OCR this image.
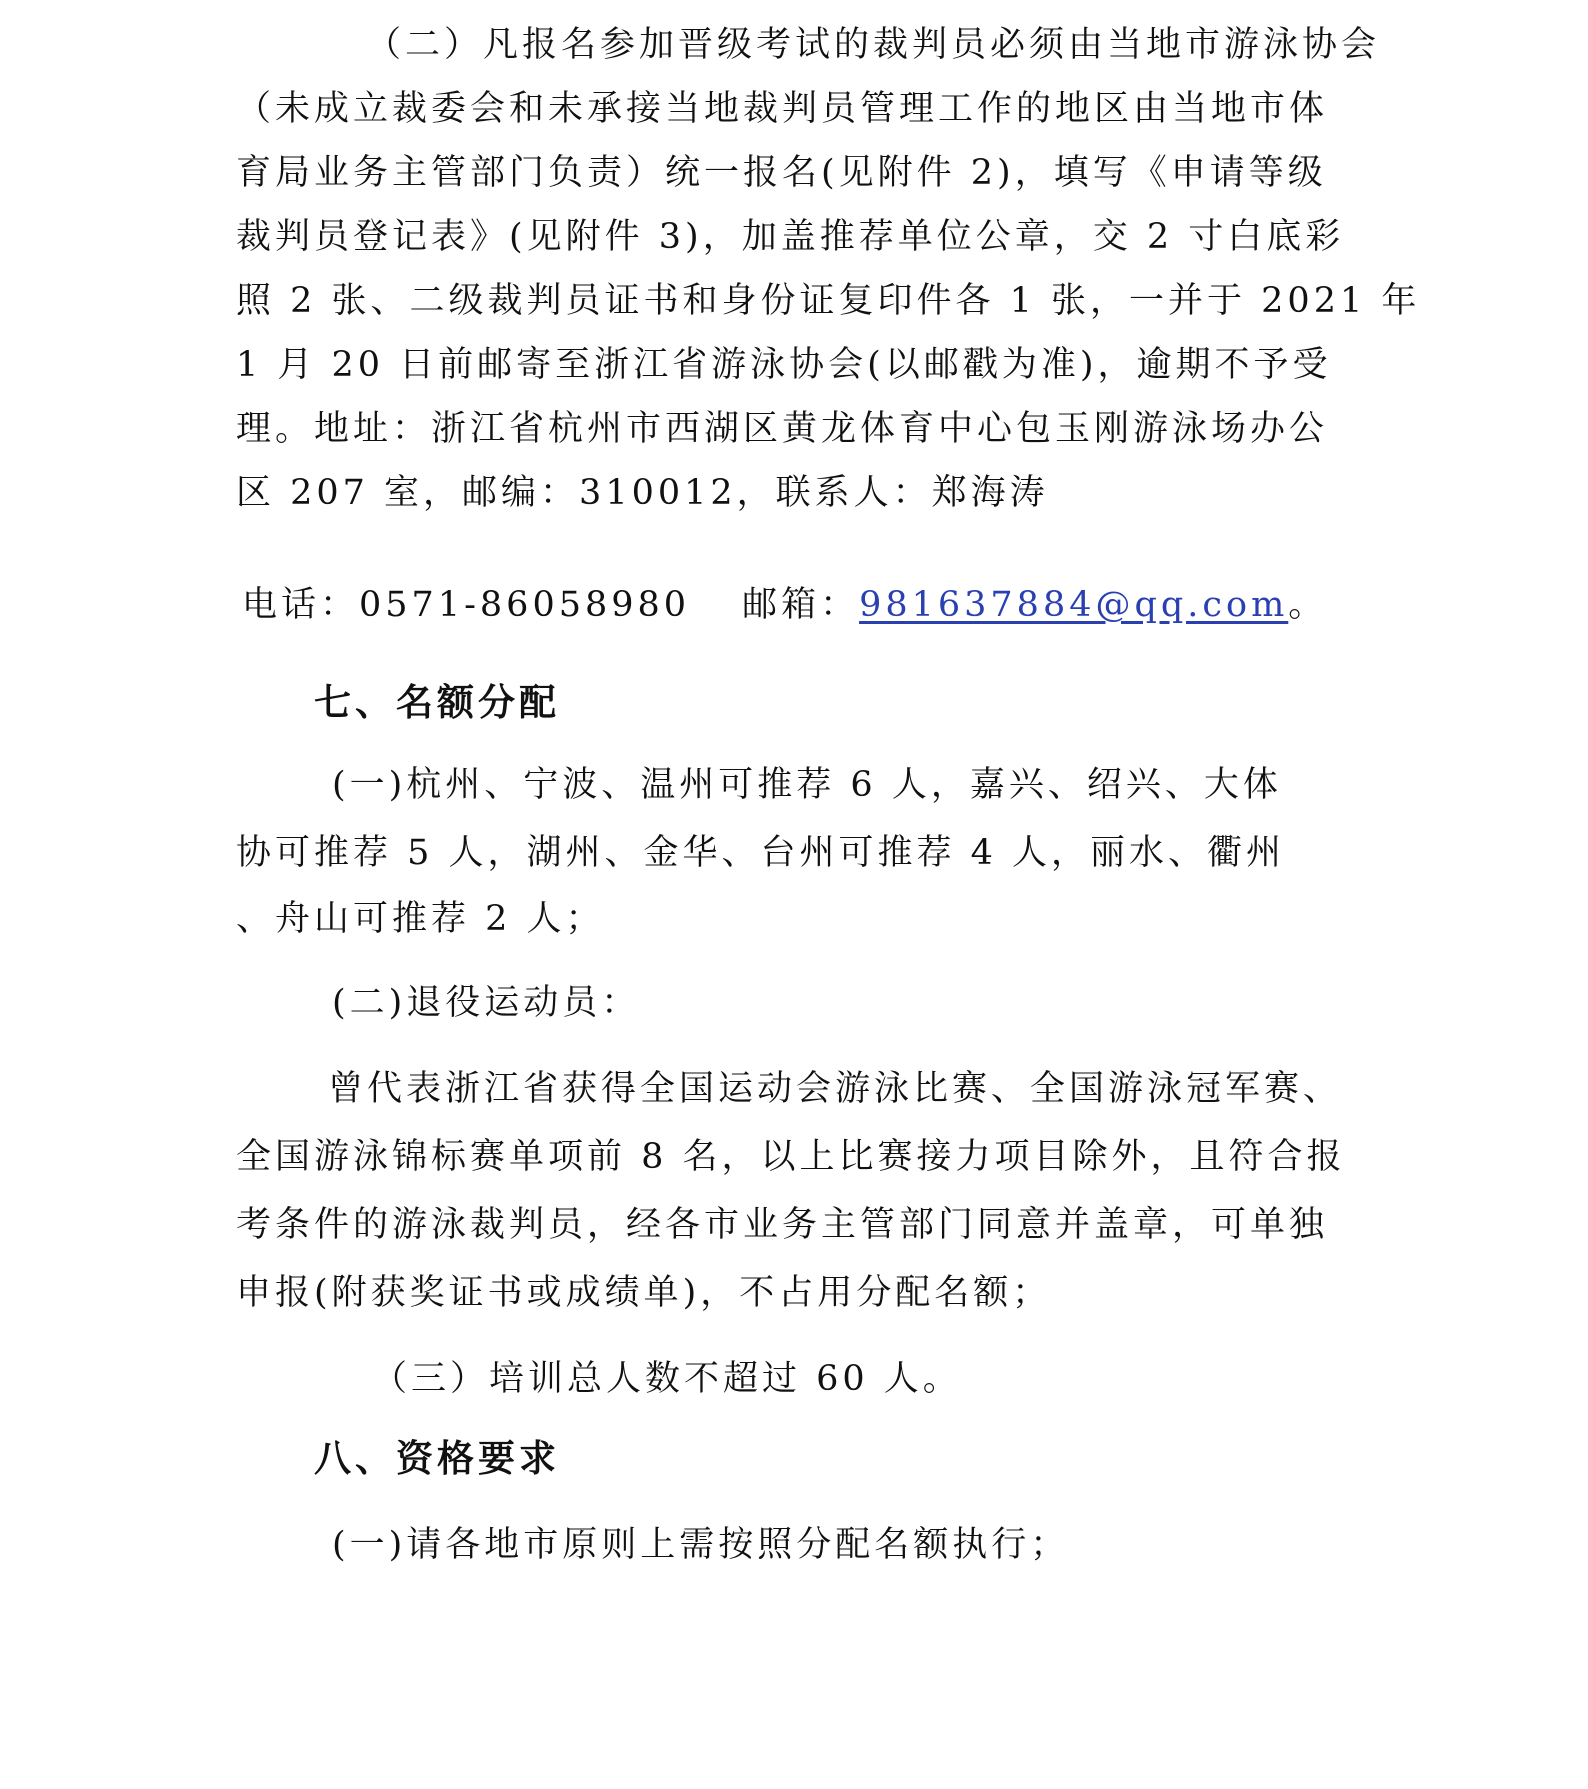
（二）凡报名参加晋级考试的裁判员必须由当地市游泳协会
（未成立裁委会和未承接当地裁判员管理工作的地区由当地市体
育局业务主管部门负责）统一报名(见附件 2)，填写《申请等级
裁判员登记表》(见附件 3)，加盖推荐单位公章，交 2 寸白底彩
照 2 张、二级裁判员证书和身份证复印件各 1 张，一并于 2021 年
1 月 20 日前邮寄至浙江省游泳协会(以邮戳为准)，逾期不予受
理。地址：浙江省杭州市西湖区黄龙体育中心包玉刚游泳场办公
区 207 室，邮编：310012，联系人：郑海涛
电话：0571-86058980 邮箱：981637884@qq.com。
七、名额分配
(一)杭州、宁波、温州可推荐 6 人，嘉兴、绍兴、大体
协可推荐 5 人，湖州、金华、台州可推荐 4 人，丽水、衢州
、舟山可推荐 2 人；
(二)退役运动员：
曾代表浙江省获得全国运动会游泳比赛、全国游泳冠军赛、
全国游泳锦标赛单项前 8 名，以上比赛接力项目除外，且符合报
考条件的游泳裁判员，经各市业务主管部门同意并盖章，可单独
申报(附获奖证书或成绩单)，不占用分配名额；
（三）培训总人数不超过 60 人。
八、资格要求
(一)请各地市原则上需按照分配名额执行；
